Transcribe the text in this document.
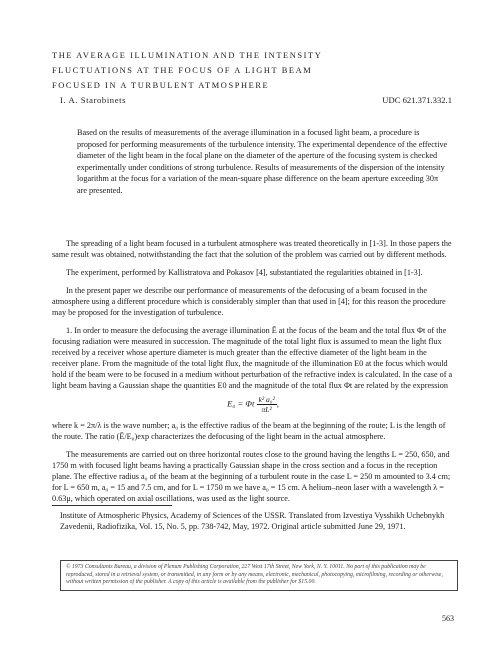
THE AVERAGE ILLUMINATION AND THE INTENSITY
FLUCTUATIONS AT THE FOCUS OF A LIGHT BEAM
FOCUSED IN A TURBULENT ATMOSPHERE
I. A. Starobinets	UDC 621.371.332.1
Based on the results of measurements of the average illumination in a focused light beam, a procedure is proposed for performing measurements of the turbulence intensity. The experimental dependence of the effective diameter of the light beam in the focal plane on the diameter of the aperture of the focusing system is checked experimentally under conditions of strong turbulence. Results of measurements of the dispersion of the intensity logarithm at the focus for a variation of the mean-square phase difference on the beam aperture exceeding 30π are presented.

The spreading of a light beam focused in a turbulent atmosphere was treated theoretically in [1-3]. In those papers the same result was obtained, notwithstanding the fact that the solution of the problem was carried out by different methods.

The experiment, performed by Kallistratova and Pokasov [4], substantiated the regularities obtained in [1-3].

In the present paper we describe our performance of measurements of the defocusing of a beam focused in the atmosphere using a different procedure which is considerably simpler than that used in [4]; for this reason the procedure may be proposed for the investigation of turbulence.

1. In order to measure the defocusing the average illumination Ē at the focus of the beam and the total flux Φt of the focusing radiation were measured in succession. The magnitude of the total light flux is assumed to mean the light flux received by a receiver whose aperture diameter is much greater than the effective diameter of the light beam in the receiver plane. From the magnitude of the total light flux, the magnitude of the illumination E0 at the focus which would hold if the beam were to be focused in a medium without perturbation of the refractive index is calculated. In the case of a light beam having a Gaussian shape the quantities E0 and the magnitude of the total flux Φt are related by the expression

E₀ = Φt $\frac{\text{k² a₀²}}{\text{πL²}}$,

where k = 2π/λ is the wave number; a₀ is the effective radius of the beam at the beginning of the route; L is the length of the route. The ratio (Ē/E₀)exp characterizes the defocusing of the light beam in the actual atmosphere.

The measurements are carried out on three horizontal routes close to the ground having the lengths L = 250, 650, and 1750 m with focused light beams having a practically Gaussian shape in the cross section and a focus in the reception plane. The effective radius a₀ of the beam at the beginning of a turbulent route in the case L = 250 m amounted to 3.4 cm; for L = 650 m, a₀ = 15 and 7.5 cm, and for L = 1750 m we have a₀ = 15 cm. A helium–neon laser with a wavelength λ = 0.63μ, which operated on axial oscillations, was used as the light source.

Institute of Atmospheric Physics, Academy of Sciences of the USSR. Translated from Izvestiya Vysshikh Uchebnykh Zavedenii, Radiofizika, Vol. 15, No. 5, pp. 738-742, May, 1972. Original article submitted June 29, 1971.
© 1973 Consultants Bureau, a division of Plenum Publishing Corporation, 227 West 17th Street, New York, N. Y. 10011. No part of this publication may be reproduced, stored in a retrieval system, or transmitted, in any form or by any means, electronic, mechanical, photocopying, microfilming, recording or otherwise, without written permission of the publisher. A copy of this article is available from the publisher for $15.00.
563
